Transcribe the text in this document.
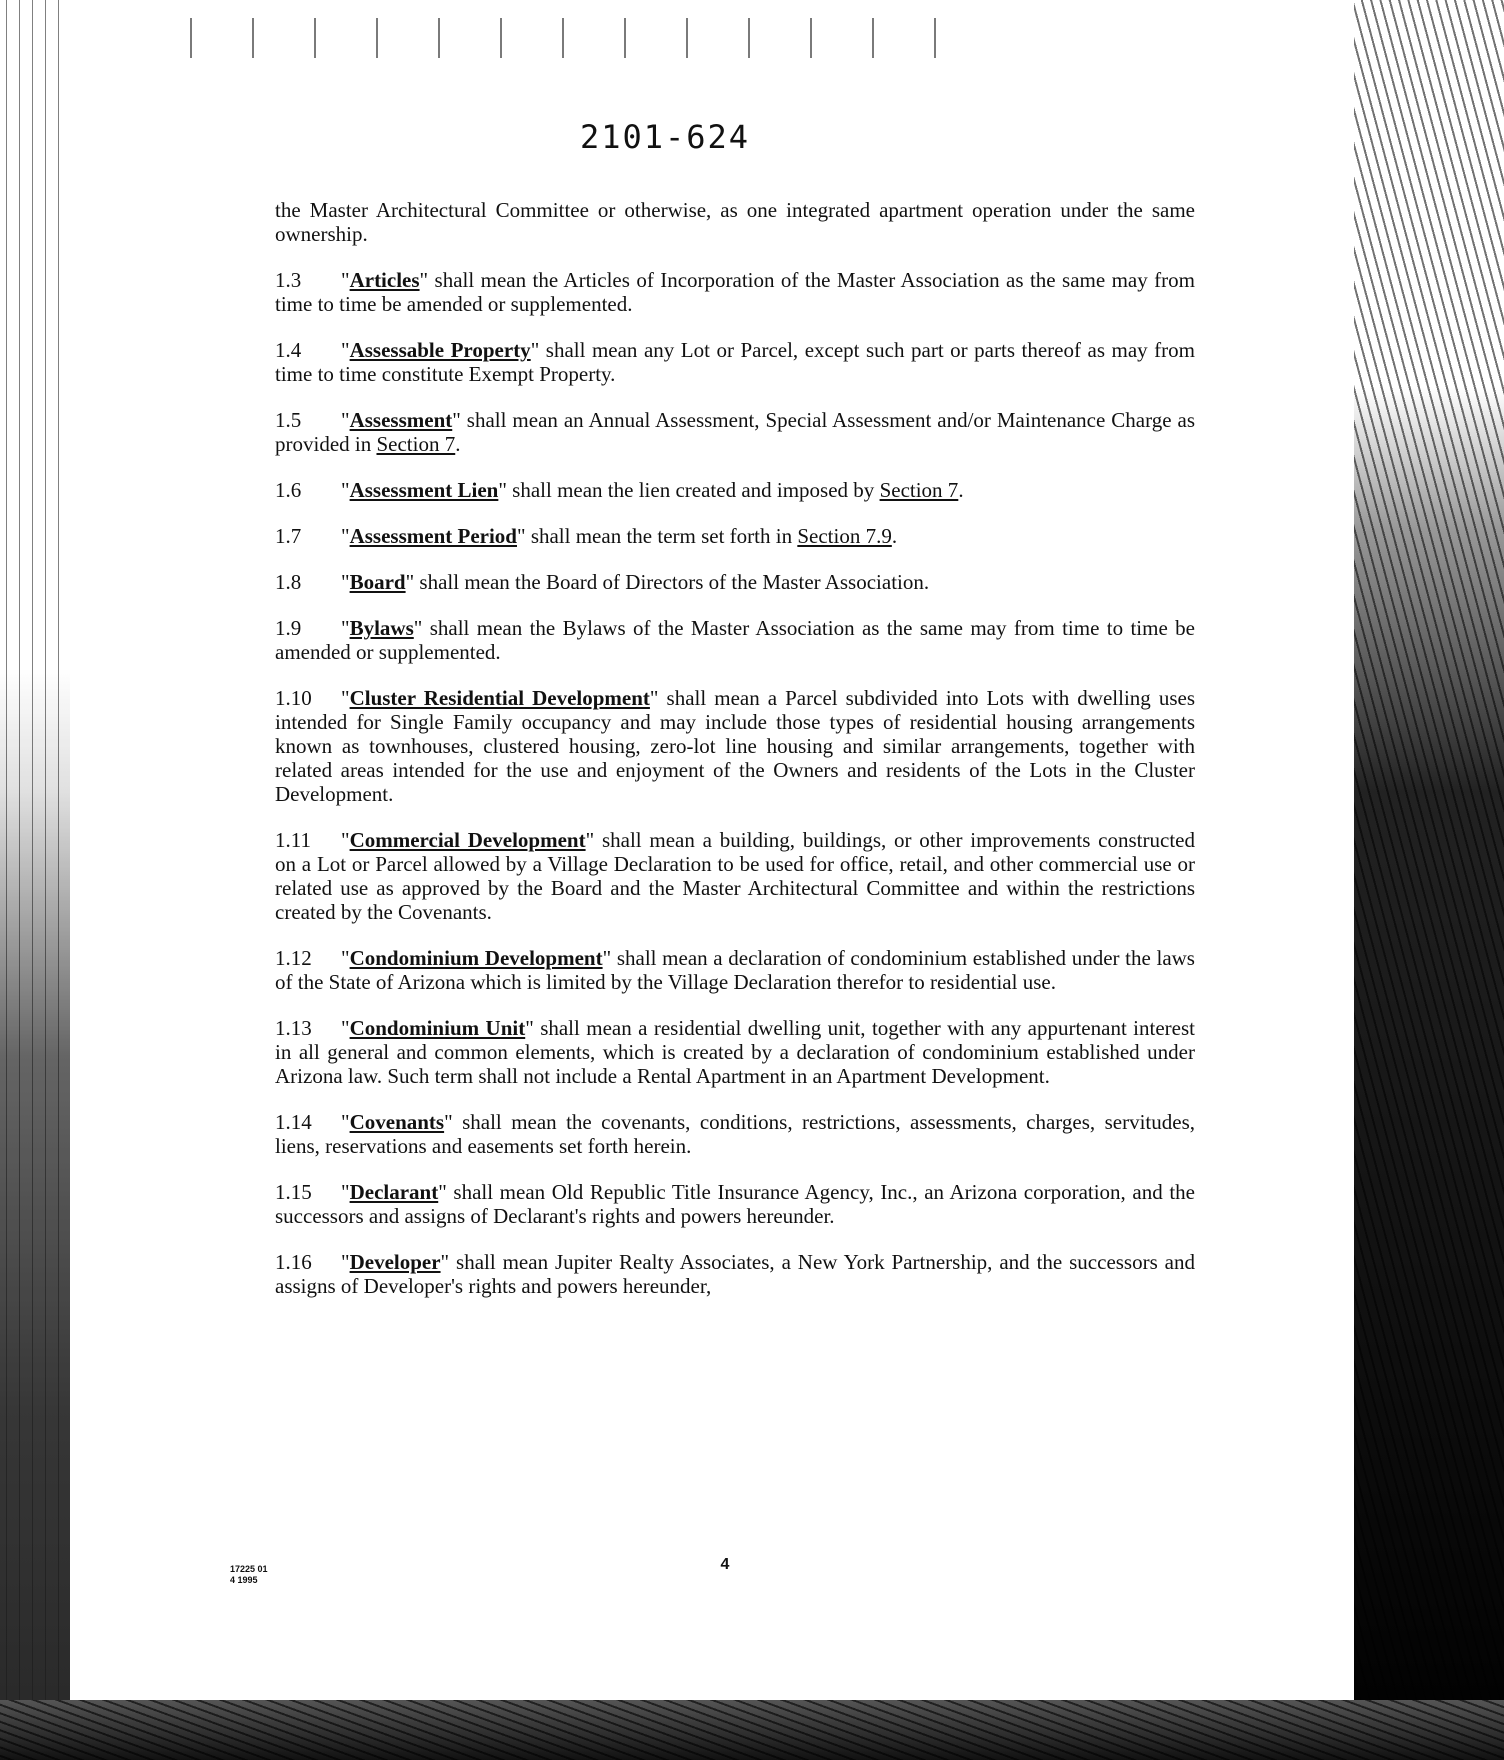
2101-624

the Master Architectural Committee or otherwise, as one integrated apartment operation under the same ownership.

1.3 "Articles" shall mean the Articles of Incorporation of the Master Association as the same may from time to time be amended or supplemented.

1.4 "Assessable Property" shall mean any Lot or Parcel, except such part or parts thereof as may from time to time constitute Exempt Property.

1.5 "Assessment" shall mean an Annual Assessment, Special Assessment and/or Maintenance Charge as provided in Section 7.

1.6 "Assessment Lien" shall mean the lien created and imposed by Section 7.

1.7 "Assessment Period" shall mean the term set forth in Section 7.9.

1.8 "Board" shall mean the Board of Directors of the Master Association.

1.9 "Bylaws" shall mean the Bylaws of the Master Association as the same may from time to time be amended or supplemented.

1.10 "Cluster Residential Development" shall mean a Parcel subdivided into Lots with dwelling uses intended for Single Family occupancy and may include those types of residential housing arrangements known as townhouses, clustered housing, zero-lot line housing and similar arrangements, together with related areas intended for the use and enjoyment of the Owners and residents of the Lots in the Cluster Development.

1.11 "Commercial Development" shall mean a building, buildings, or other improvements constructed on a Lot or Parcel allowed by a Village Declaration to be used for office, retail, and other commercial use or related use as approved by the Board and the Master Architectural Committee and within the restrictions created by the Covenants.

1.12 "Condominium Development" shall mean a declaration of condominium established under the laws of the State of Arizona which is limited by the Village Declaration therefor to residential use.

1.13 "Condominium Unit" shall mean a residential dwelling unit, together with any appurtenant interest in all general and common elements, which is created by a declaration of condominium established under Arizona law. Such term shall not include a Rental Apartment in an Apartment Development.

1.14 "Covenants" shall mean the covenants, conditions, restrictions, assessments, charges, servitudes, liens, reservations and easements set forth herein.

1.15 "Declarant" shall mean Old Republic Title Insurance Agency, Inc., an Arizona corporation, and the successors and assigns of Declarant's rights and powers hereunder.

1.16 "Developer" shall mean Jupiter Realty Associates, a New York Partnership, and the successors and assigns of Developer's rights and powers hereunder,

17225 01
4 1995
4
